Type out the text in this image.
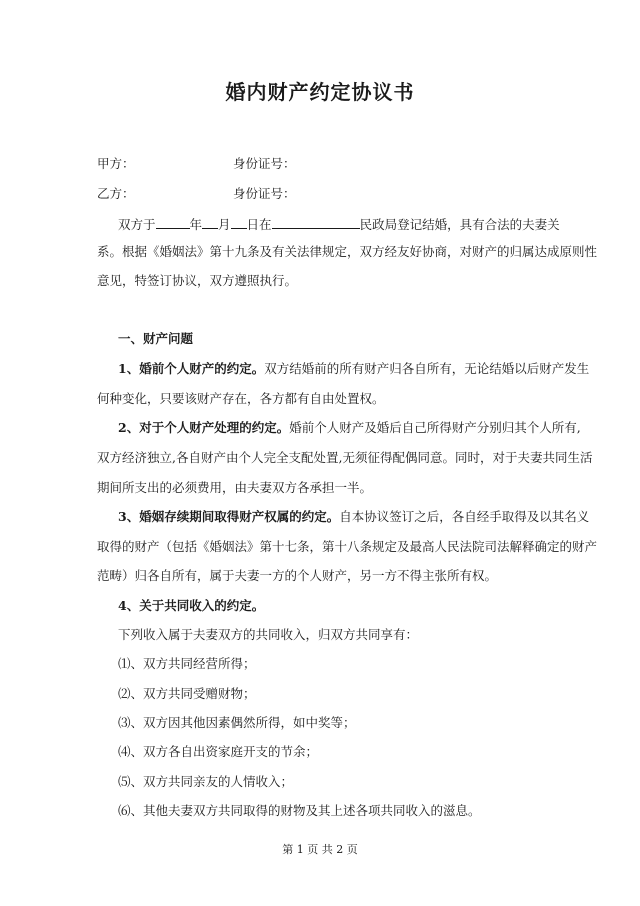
婚内财产约定协议书
甲方：	身份证号：
乙方：	身份证号：
双方于	年 月 日在	民政局登记结婚，具有合法的夫妻关
系。根据《婚姻法》第十九条及有关法律规定，双方经友好协商，对财产的归属达成原则性
意见，特签订协议，双方遵照执行。
一、财产问题
1、婚前个人财产的约定。双方结婚前的所有财产归各自所有，无论结婚以后财产发生
何种变化，只要该财产存在，各方都有自由处置权。
2、对于个人财产处理的约定。婚前个人财产及婚后自己所得财产分别归其个人所有,
双方经济独立,各自财产由个人完全支配处置,无须征得配偶同意。同时，对于夫妻共同生活
期间所支出的必须费用，由夫妻双方各承担一半。
3、婚姻存续期间取得财产权属的约定。自本协议签订之后，各自经手取得及以其名义
取得的财产（包括《婚姻法》第十七条，第十八条规定及最高人民法院司法解释确定的财产
范畴）归各自所有，属于夫妻一方的个人财产，另一方不得主张所有权。
4、关于共同收入的约定。
下列收入属于夫妻双方的共同收入，归双方共同享有：
⑴、双方共同经营所得；
⑵、双方共同受赠财物；
⑶、双方因其他因素偶然所得，如中奖等；
⑷、双方各自出资家庭开支的节余；
⑸、双方共同亲友的人情收入；
⑹、其他夫妻双方共同取得的财物及其上述各项共同收入的滋息。
第 1 页 共 2 页
